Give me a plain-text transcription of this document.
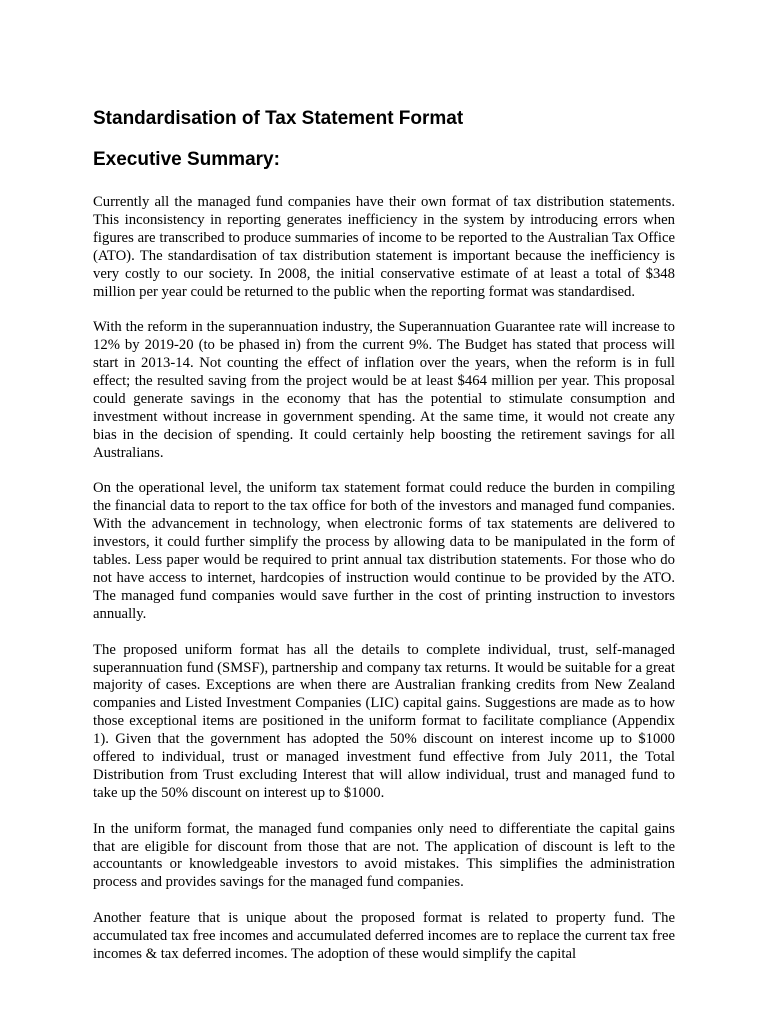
Standardisation of Tax Statement Format
Executive Summary:

Currently all the managed fund companies have their own format of tax distribution statements. This inconsistency in reporting generates inefficiency in the system by introducing errors when figures are transcribed to produce summaries of income to be reported to the Australian Tax Office (ATO). The standardisation of tax distribution statement is important because the inefficiency is very costly to our society. In 2008, the initial conservative estimate of at least a total of $348 million per year could be returned to the public when the reporting format was standardised.

With the reform in the superannuation industry, the Superannuation Guarantee rate will increase to 12% by 2019-20 (to be phased in) from the current 9%. The Budget has stated that process will start in 2013-14. Not counting the effect of inflation over the years, when the reform is in full effect; the resulted saving from the project would be at least $464 million per year. This proposal could generate savings in the economy that has the potential to stimulate consumption and investment without increase in government spending. At the same time, it would not create any bias in the decision of spending. It could certainly help boosting the retirement savings for all Australians.

On the operational level, the uniform tax statement format could reduce the burden in compiling the financial data to report to the tax office for both of the investors and managed fund companies. With the advancement in technology, when electronic forms of tax statements are delivered to investors, it could further simplify the process by allowing data to be manipulated in the form of tables. Less paper would be required to print annual tax distribution statements. For those who do not have access to internet, hardcopies of instruction would continue to be provided by the ATO. The managed fund companies would save further in the cost of printing instruction to investors annually.

The proposed uniform format has all the details to complete individual, trust, self-managed superannuation fund (SMSF), partnership and company tax returns. It would be suitable for a great majority of cases. Exceptions are when there are Australian franking credits from New Zealand companies and Listed Investment Companies (LIC) capital gains. Suggestions are made as to how those exceptional items are positioned in the uniform format to facilitate compliance (Appendix 1). Given that the government has adopted the 50% discount on interest income up to $1000 offered to individual, trust or managed investment fund effective from July 2011, the Total Distribution from Trust excluding Interest that will allow individual, trust and managed fund to take up the 50% discount on interest up to $1000.

In the uniform format, the managed fund companies only need to differentiate the capital gains that are eligible for discount from those that are not. The application of discount is left to the accountants or knowledgeable investors to avoid mistakes. This simplifies the administration process and provides savings for the managed fund companies.

Another feature that is unique about the proposed format is related to property fund. The accumulated tax free incomes and accumulated deferred incomes are to replace the current tax free incomes & tax deferred incomes. The adoption of these would simplify the capital
